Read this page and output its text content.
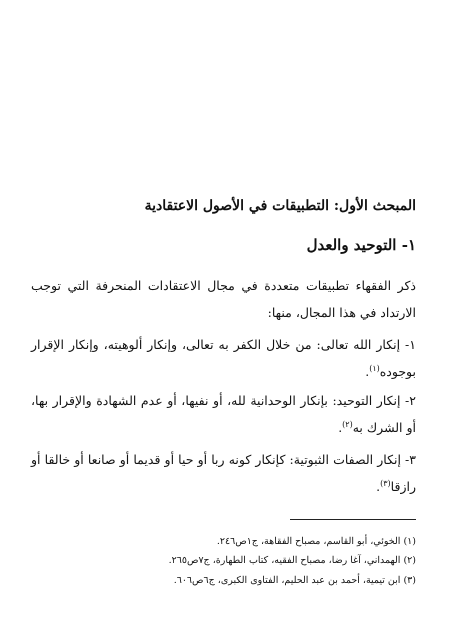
المبحث الأول: التطبيقات في الأصول الاعتقادية
١- التوحيد والعدل
ذكر الفقهاء تطبيقات متعددة في مجال الاعتقادات المنحرفة التي توجب الارتداد في هذا المجال، منها:
١- إنكار الله تعالى: من خلال الكفر به تعالى، وإنكار ألوهيته، وإنكار الإقرار بوجوده$^{(١)}$.
٢- إنكار التوحيد: بإنكار الوحدانية لله، أو نفيها، أو عدم الشهادة والإقرار بها، أو الشرك به$^{(٢)}$.
٣- إنكار الصفات الثبوتية: كإنكار كونه ربا أو حيا أو قديما أو صانعا أو خالقا أو رازقا$^{(٣)}$.
(١) الخوئي، أبو القاسم، مصباح الفقاهة، ج١ص٢٤٦.
(٢) الهمداني، آغا رضا، مصباح الفقيه، كتاب الطهارة، ج٧ص٢٦٥.
(٣) ابن تيمية، أحمد بن عبد الحليم، الفتاوى الكبرى، ج٦ص٦٠٦.
